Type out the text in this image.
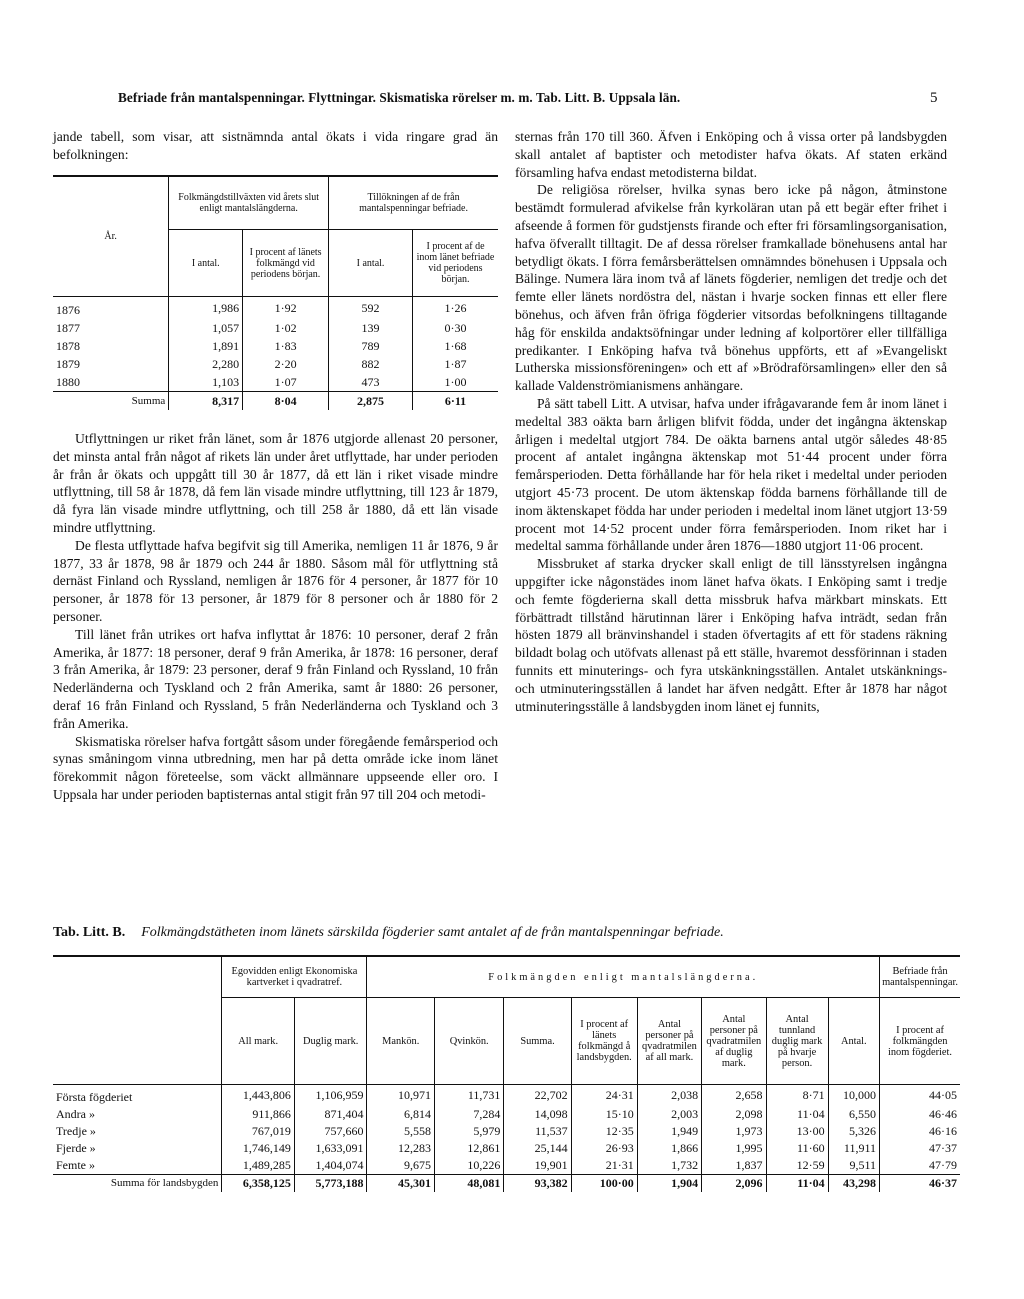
Befriade från mantalspenningar. Flyttningar. Skismatiska rörelser m. m. Tab. Litt. B. Uppsala län.	5

jande tabell, som visar, att sistnämnda antal ökats i vida ringare grad än befolkningen:

År.	Folkmängdstillväxten vid årets slut enligt mantalslängderna.		Tillökningen af de från mantalspenningar befriade.	
	I antal.	I procent af länets folkmängd vid periodens början.	I antal.	I procent af de inom länet befriade vid periodens början.
1876	1,986	1·92	592	1·26
1877	1,057	1·02	139	0·30
1878	1,891	1·83	789	1·68
1879	2,280	2·20	882	1·87
1880	1,103	1·07	473	1·00
Summa	8,317	8·04	2,875	6·11

Utflyttningen ur riket från länet, som år 1876 utgjorde allenast 20 personer, det minsta antal från något af rikets län under året utflyttade, har under perioden år från år ökats och uppgått till 30 år 1877, då ett län i riket visade mindre utflyttning, till 58 år 1878, då fem län visade mindre utflyttning, till 123 år 1879, då fyra län visade mindre utflyttning, och till 258 år 1880, då ett län visade mindre utflyttning.

De flesta utflyttade hafva begifvit sig till Amerika, nemligen 11 år 1876, 9 år 1877, 33 år 1878, 98 år 1879 och 244 år 1880. Såsom mål för utflyttning stå dernäst Finland och Ryssland, nemligen år 1876 för 4 personer, år 1877 för 10 personer, år 1878 för 13 personer, år 1879 för 8 personer och år 1880 för 2 personer.

Till länet från utrikes ort hafva inflyttat år 1876: 10 personer, deraf 2 från Amerika, år 1877: 18 personer, deraf 9 från Amerika, år 1878: 16 personer, deraf 3 från Amerika, år 1879: 23 personer, deraf 9 från Finland och Ryssland, 10 från Nederländerna och Tyskland och 2 från Amerika, samt år 1880: 26 personer, deraf 16 från Finland och Ryssland, 5 från Nederländerna och Tyskland och 3 från Amerika.

Skismatiska rörelser hafva fortgått såsom under föregående femårsperiod och synas småningom vinna utbredning, men har på detta område icke inom länet förekommit någon företeelse, som väckt allmännare uppseende eller oro. I Uppsala har under perioden baptisternas antal stigit från 97 till 204 och metodi-

sternas från 170 till 360. Äfven i Enköping och å vissa orter på landsbygden skall antalet af baptister och metodister hafva ökats. Af staten erkänd församling hafva endast metodisterna bildat.

De religiösa rörelser, hvilka synas bero icke på någon, åtminstone bestämdt formulerad afvikelse från kyrkoläran utan på ett begär efter frihet i afseende å formen för gudstjensts firande och efter fri församlingsorganisation, hafva öfverallt tilltagit. De af dessa rörelser framkallade bönehusens antal har betydligt ökats. I förra femårsberättelsen omnämndes bönehusen i Uppsala och Bälinge. Numera lära inom två af länets fögderier, nemligen det tredje och det femte eller länets nordöstra del, nästan i hvarje socken finnas ett eller flere bönehus, och äfven från öfriga fögderier vitsordas befolkningens tilltagande håg för enskilda andaktsöfningar under ledning af kolportörer eller tillfälliga predikanter. I Enköping hafva två bönehus uppförts, ett af »Evangeliskt Lutherska missionsföreningen» och ett af »Brödraförsamlingen» eller den så kallade Valdenströmianismens anhängare.

På sätt tabell Litt. A utvisar, hafva under ifrågavarande fem år inom länet i medeltal 383 oäkta barn årligen blifvit födda, under det ingångna äktenskap årligen i medeltal utgjort 784. De oäkta barnens antal utgör således 48·85 procent af antalet ingångna äktenskap mot 51·44 procent under förra femårsperioden. Detta förhållande har för hela riket i medeltal under perioden utgjort 45·73 procent. De utom äktenskap födda barnens förhållande till de inom äktenskapet födda har under perioden i medeltal inom länet utgjort 13·59 procent mot 14·52 procent under förra femårsperioden. Inom riket har i medeltal samma förhållande under åren 1876—1880 utgjort 11·06 procent.

Missbruket af starka drycker skall enligt de till länsstyrelsen ingångna uppgifter icke någonstädes inom länet hafva ökats. I Enköping samt i tredje och femte fögderierna skall detta missbruk hafva märkbart minskats. Ett förbättradt tillstånd härutinnan lärer i Enköping hafva inträdt, sedan från hösten 1879 all bränvinshandel i staden öfvertagits af ett för stadens räkning bildadt bolag och utöfvats allenast på ett ställe, hvaremot dessförinnan i staden funnits ett minuterings- och fyra utskänkningsställen. Antalet utskänknings- och utminuteringsställen å landet har äfven nedgått. Efter år 1878 har något utminuteringsställe å landsbygden inom länet ej funnits,

Tab. Litt. B. Folkmängdstätheten inom länets särskilda fögderier samt antalet af de från mantalspenningar befriade.
	Egovidden enligt Ekonomiska kartverket i qvadratref.		Folkmängden enligt mantalslängderna.								Befriade från mantalspenningar.
	All mark.	Duglig mark.	Mankön.	Qvinkön.	Summa.	I procent af länets folkmängd å landsbygden.	Antal personer på qvadratmilen af all mark.	Antal personer på qvadratmilen af duglig mark.	Antal tunnland duglig mark på hvarje person.	Antal.	I procent af folkmängden inom fögderiet.
Första fögderiet	1,443,806	1,106,959	10,971	11,731	22,702	24·31	2,038	2,658	8·71	10,000	44·05
Andra »	911,866	871,404	6,814	7,284	14,098	15·10	2,003	2,098	11·04	6,550	46·46
Tredje »	767,019	757,660	5,558	5,979	11,537	12·35	1,949	1,973	13·00	5,326	46·16
Fjerde »	1,746,149	1,633,091	12,283	12,861	25,144	26·93	1,866	1,995	11·60	11,911	47·37
Femte »	1,489,285	1,404,074	9,675	10,226	19,901	21·31	1,732	1,837	12·59	9,511	47·79
Summa för landsbygden	6,358,125	5,773,188	45,301	48,081	93,382	100·00	1,904	2,096	11·04	43,298	46·37
